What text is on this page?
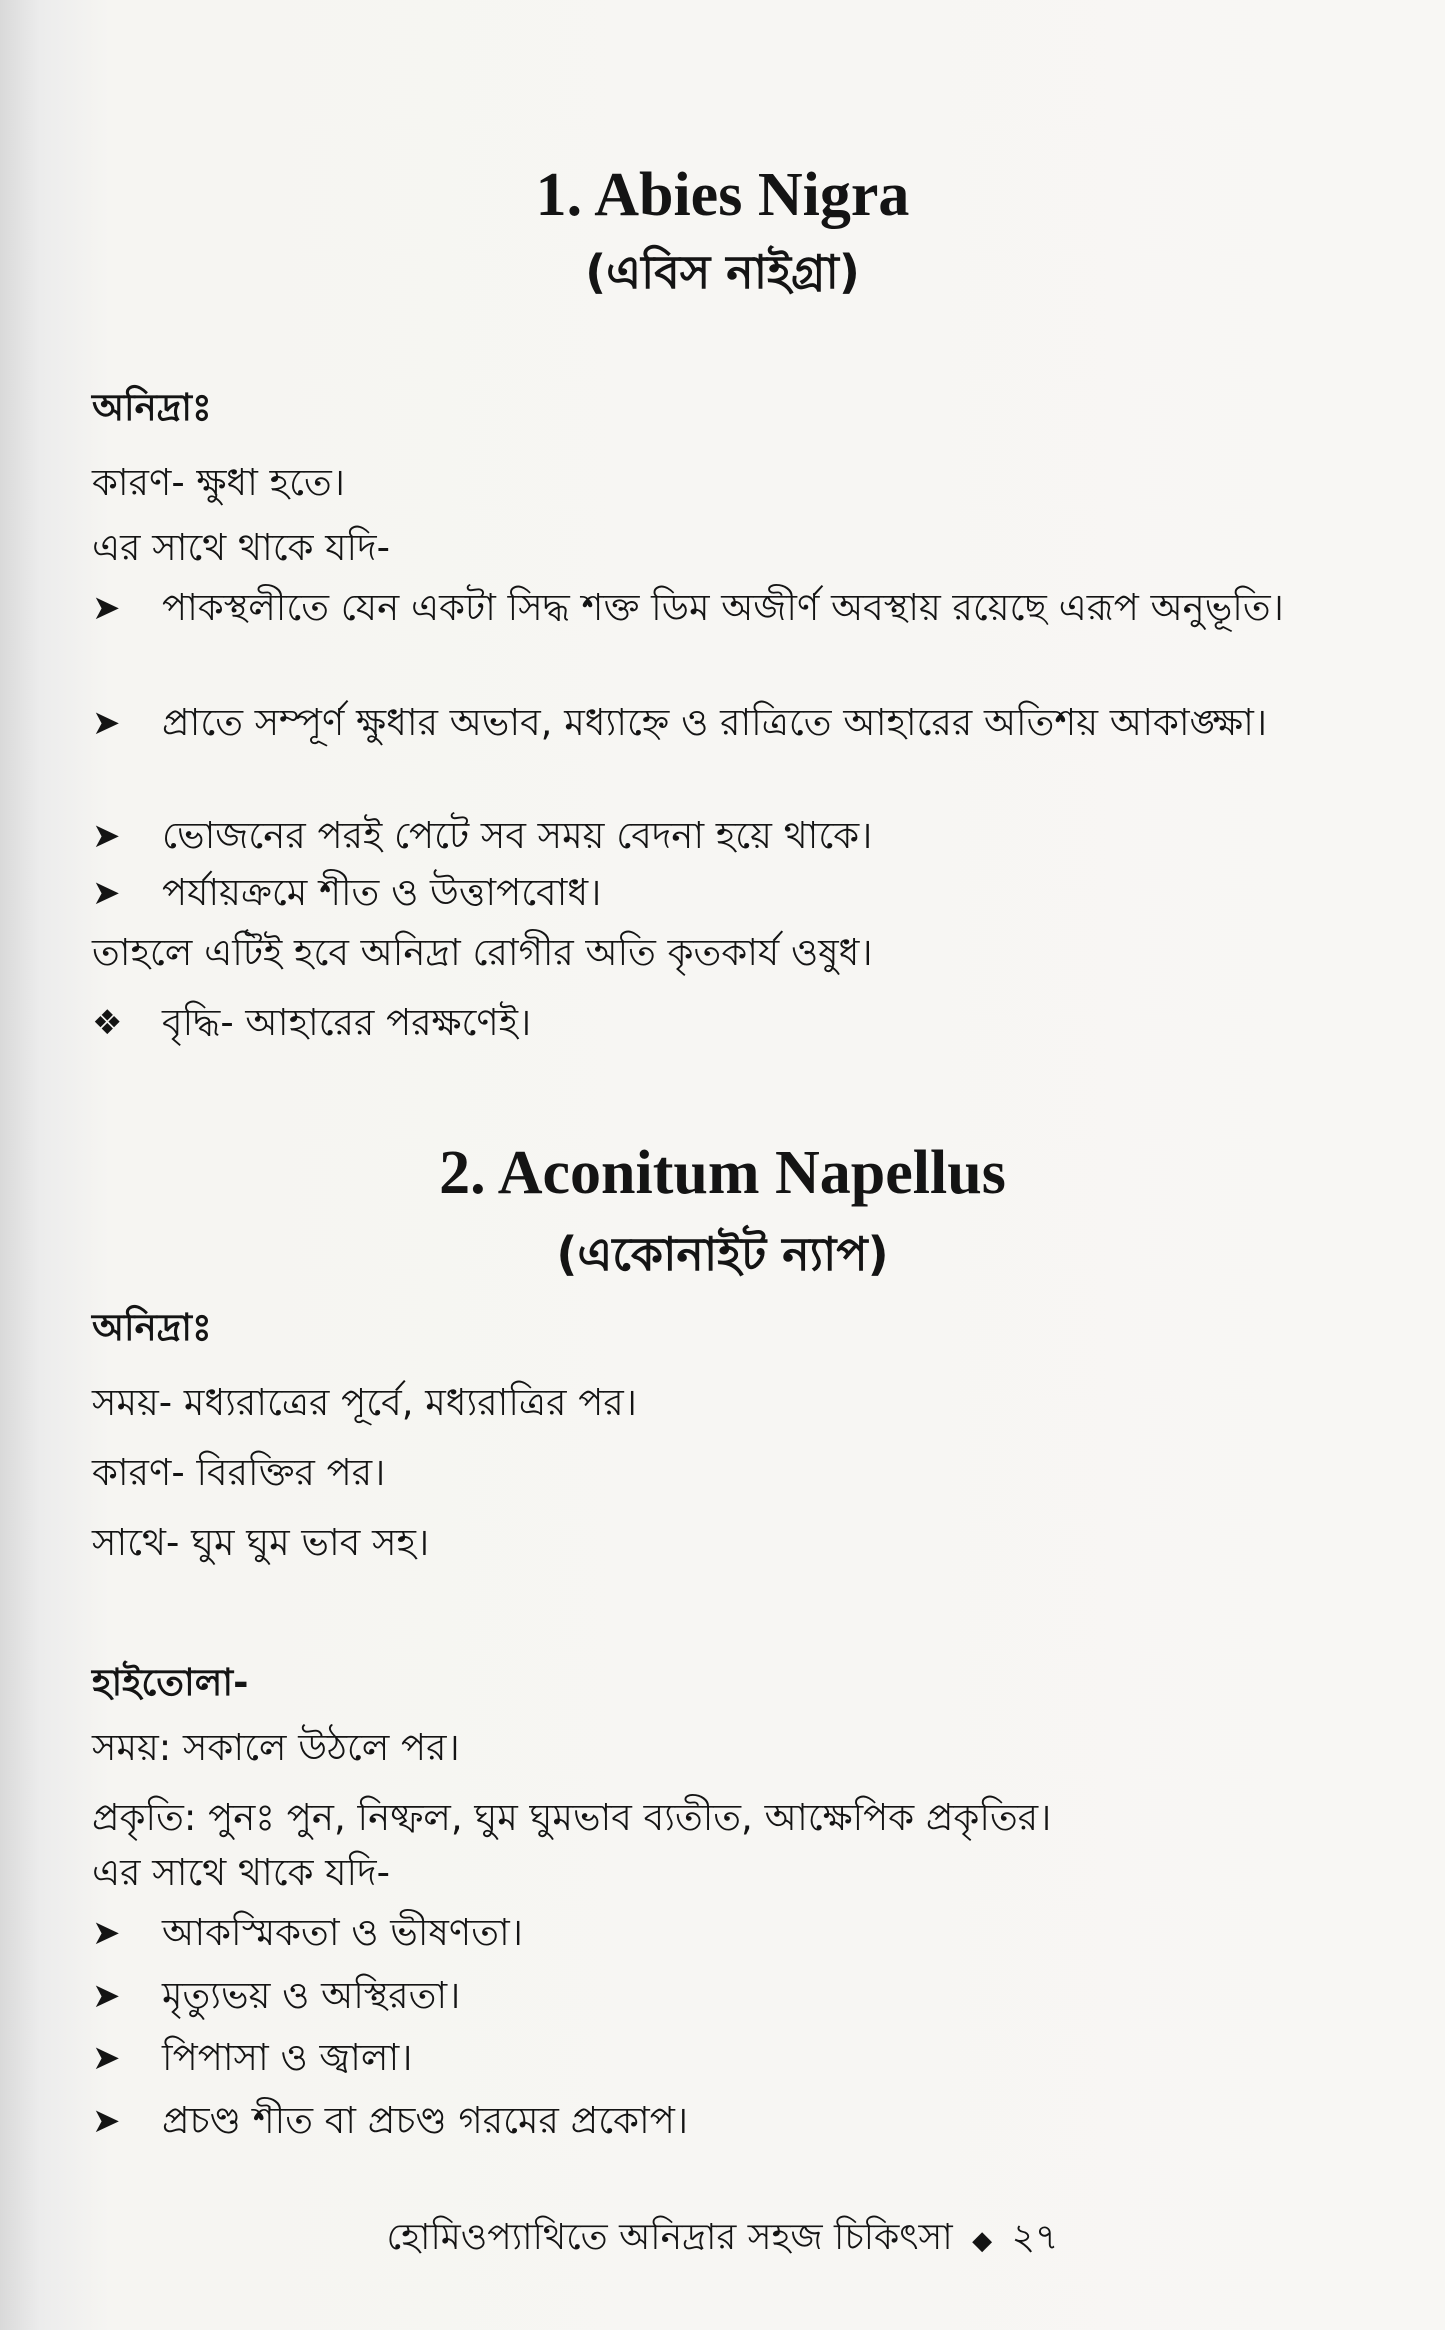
1. Abies Nigra
(এবিস নাইগ্রা)
অনিদ্রাঃ
কারণ- ক্ষুধা হতে।
এর সাথে থাকে যদি-
➤	পাকস্থলীতে যেন একটা সিদ্ধ শক্ত ডিম অজীর্ণ অবস্থায় রয়েছে এরূপ অনুভূতি।
➤	প্রাতে সম্পূর্ণ ক্ষুধার অভাব, মধ্যাহ্নে ও রাত্রিতে আহারের অতিশয় আকাঙ্ক্ষা।
➤	ভোজনের পরই পেটে সব সময় বেদনা হয়ে থাকে।
➤	পর্যায়ক্রমে শীত ও উত্তাপবোধ।
তাহলে এটিই হবে অনিদ্রা রোগীর অতি কৃতকার্য ওষুধ।
❖	বৃদ্ধি- আহারের পরক্ষণেই।
2. Aconitum Napellus
(একোনাইট ন্যাপ)
অনিদ্রাঃ
সময়- মধ্যরাত্রের পূর্বে, মধ্যরাত্রির পর।
কারণ- বিরক্তির পর।
সাথে- ঘুম ঘুম ভাব সহ।
হাইতোলা-
সময়: সকালে উঠলে পর।
প্রকৃতি: পুনঃ পুন, নিষ্ফল, ঘুম ঘুমভাব ব্যতীত, আক্ষেপিক প্রকৃতির।
এর সাথে থাকে যদি-
➤	আকস্মিকতা ও ভীষণতা।
➤	মৃত্যুভয় ও অস্থিরতা।
➤	পিপাসা ও জ্বালা।
➤	প্রচণ্ড শীত বা প্রচণ্ড গরমের প্রকোপ।
হোমিওপ্যাথিতে অনিদ্রার সহজ চিকিৎসা ◆ ২৭
